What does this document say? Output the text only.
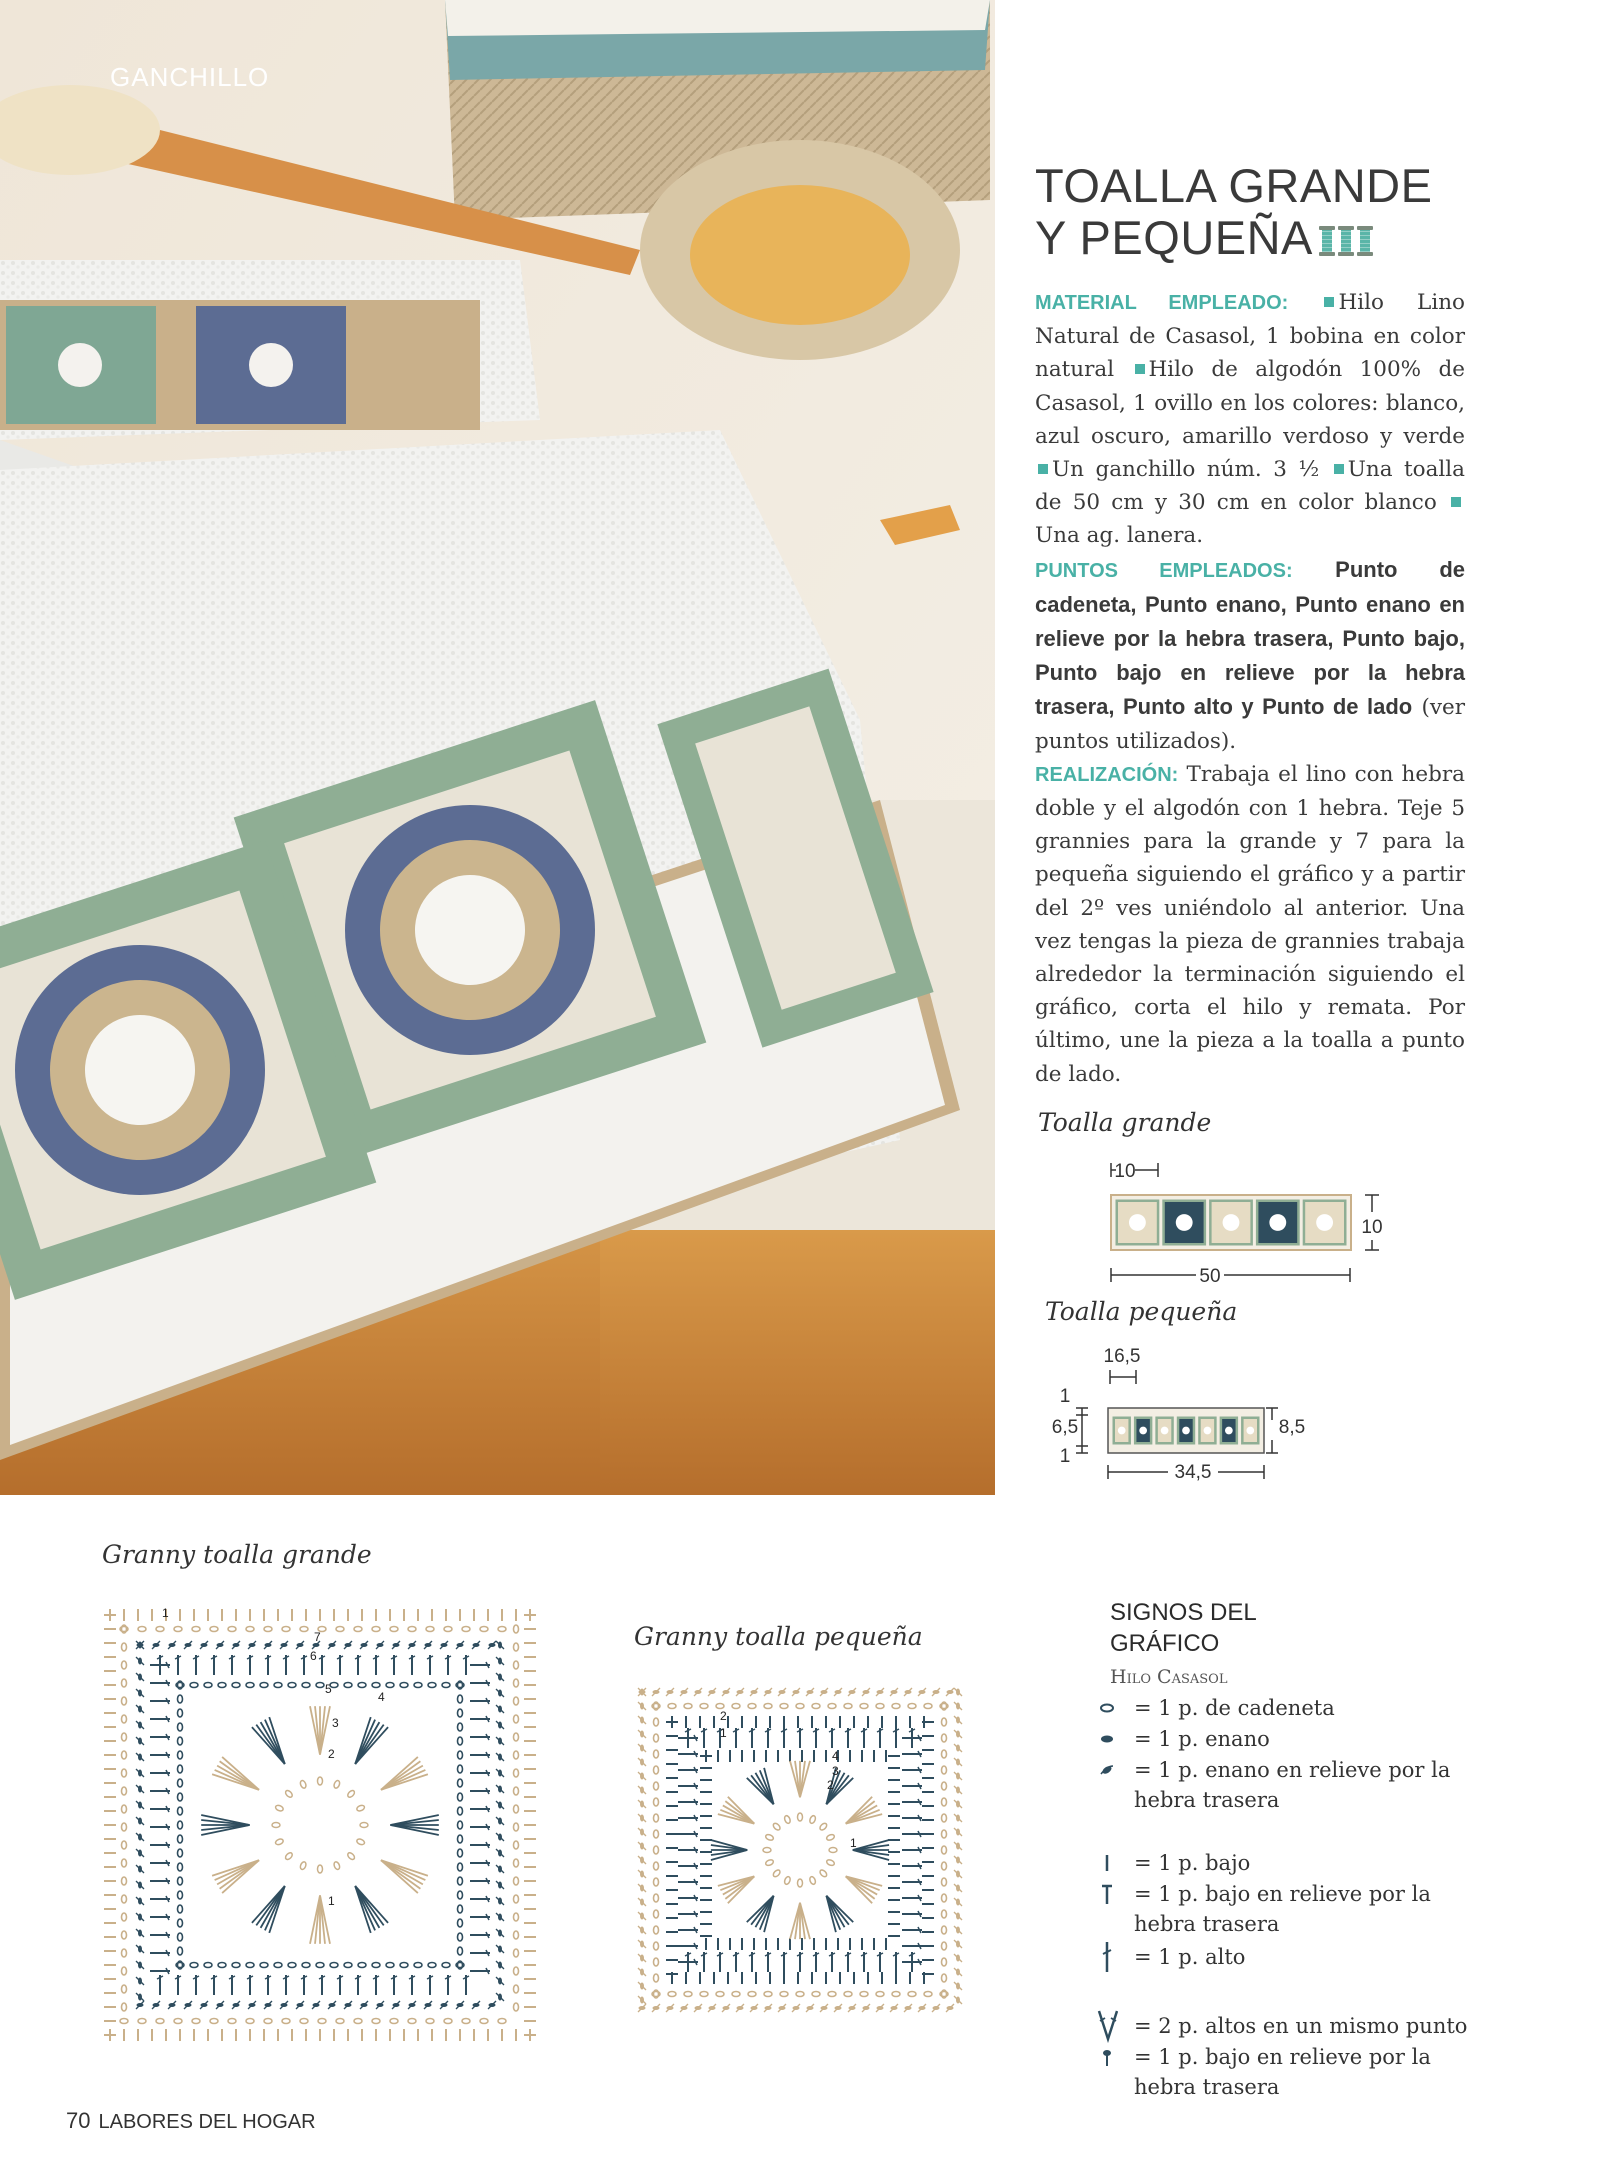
GANCHILLO
TOALLA GRANDE
Y PEQUEÑA

MATERIAL EMPLEADO: Hilo Lino Natural de Casasol, 1 bobina en color natural Hilo de algodón 100% de Casasol, 1 ovillo en los colores: blanco, azul oscuro, amarillo verdoso y verde Un ganchillo núm. 3 ½ Una toalla de 50 cm y 30 cm en color blanco Una ag. lanera.

PUNTOS EMPLEADOS: Punto de cadeneta, Punto enano, Punto enano en relieve por la hebra trasera, Punto bajo, Punto bajo en relieve por la hebra trasera, Punto alto y Punto de lado (ver puntos utilizados).

REALIZACIÓN: Trabaja el lino con hebra doble y el algodón con 1 hebra. Teje 5 grannies para la grande y 7 para la pequeña siguiendo el gráfico y a partir del 2º ves uniéndolo al anterior. Una vez tengas la pieza de grannies trabaja alrededor la terminación siguiendo el gráfico, corta el hilo y remata. Por último, une la pieza a la toalla a punto de lado.

Toalla grande
10
50
10
Toalla pequeña
16,5
1
6,5
1
8,5
34,5
Granny toalla grande
Granny toalla pequeña
1
7
6
5
4
3
2
1
2
1
4
3
2
1
SIGNOS DEL GRÁFICO
Hilo Casasol
= 1 p. de cadeneta
= 1 p. enano
= 1 p. enano en relieve por la hebra trasera
= 1 p. bajo
= 1 p. bajo en relieve por la hebra trasera
= 1 p. alto
= 2 p. altos en un mismo punto
= 1 p. bajo en relieve por la hebra trasera
70 LABORES DEL HOGAR
